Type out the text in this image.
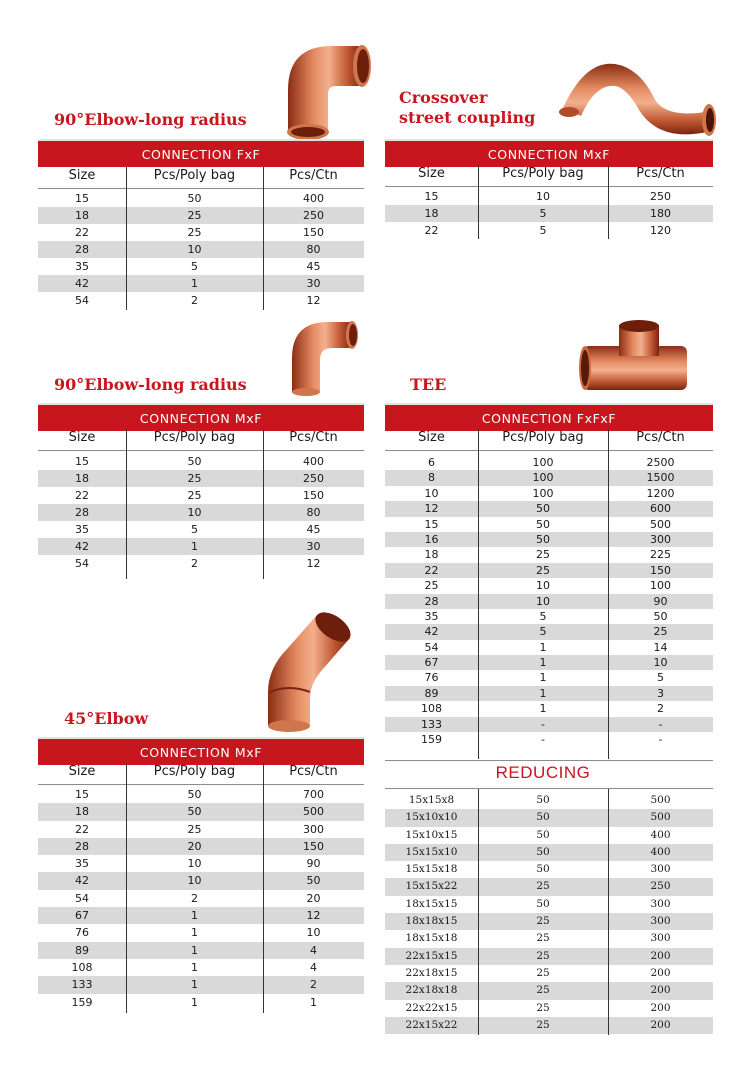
90°Elbow-long radius
Crossover
street coupling
90°Elbow-long radius	TEE
45°Elbow
CONNECTION FxF
Size	Pcs/Poly bag	Pcs/Ctn
15	50	400
18	25	250
22	25	150
28	10	80
35	5	45
42	1	30
54	2	12
CONNECTION MxF
Size	Pcs/Poly bag	Pcs/Ctn
15	10	250
18	5	180
22	5	120
CONNECTION MxF
Size	Pcs/Poly bag	Pcs/Ctn
15	50	400
18	25	250
22	25	150
28	10	80
35	5	45
42	1	30
54	2	12
CONNECTION FxFxF
Size	Pcs/Poly bag	Pcs/Ctn
6	100	2500
8	100	1500
10	100	1200
12	50	600
15	50	500
16	50	300
18	25	225
22	25	150
25	10	100
28	10	90
35	5	50
42	5	25
54	1	14
67	1	10
76	1	5
89	1	3
108	1	2
133	-	-
159	-	-
REDUCING
15x15x8	50	500
15x10x10	50	500
15x10x15	50	400
15x15x10	50	400
15x15x18	50	300
15x15x22	25	250
18x15x15	50	300
18x18x15	25	300
18x15x18	25	300
22x15x15	25	200
22x18x15	25	200
22x18x18	25	200
22x22x15	25	200
22x15x22	25	200
CONNECTION MxF
Size	Pcs/Poly bag	Pcs/Ctn
15	50	700
18	50	500
22	25	300
28	20	150
35	10	90
42	10	50
54	2	20
67	1	12
76	1	10
89	1	4
108	1	4
133	1	2
159	1	1
